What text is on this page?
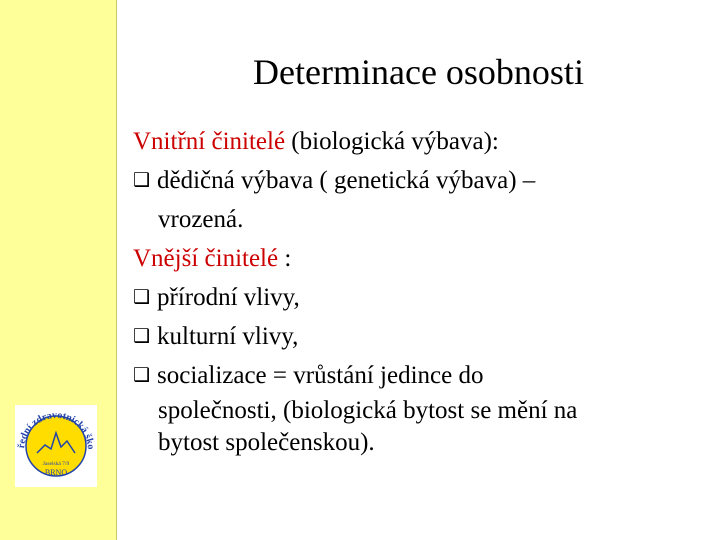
řední zdravotnická ško
Jaselská 7/9
BRNO
Determinace osobnosti
Vnitřní činitelé (biologická výbava):
❑ dědičná výbava ( genetická výbava) –
vrozená.
Vnější činitelé :
❑ přírodní vlivy,
❑ kulturní vlivy,
❑ socializace = vrůstání jedince do
společnosti, (biologická bytost se mění na
bytost společenskou).
